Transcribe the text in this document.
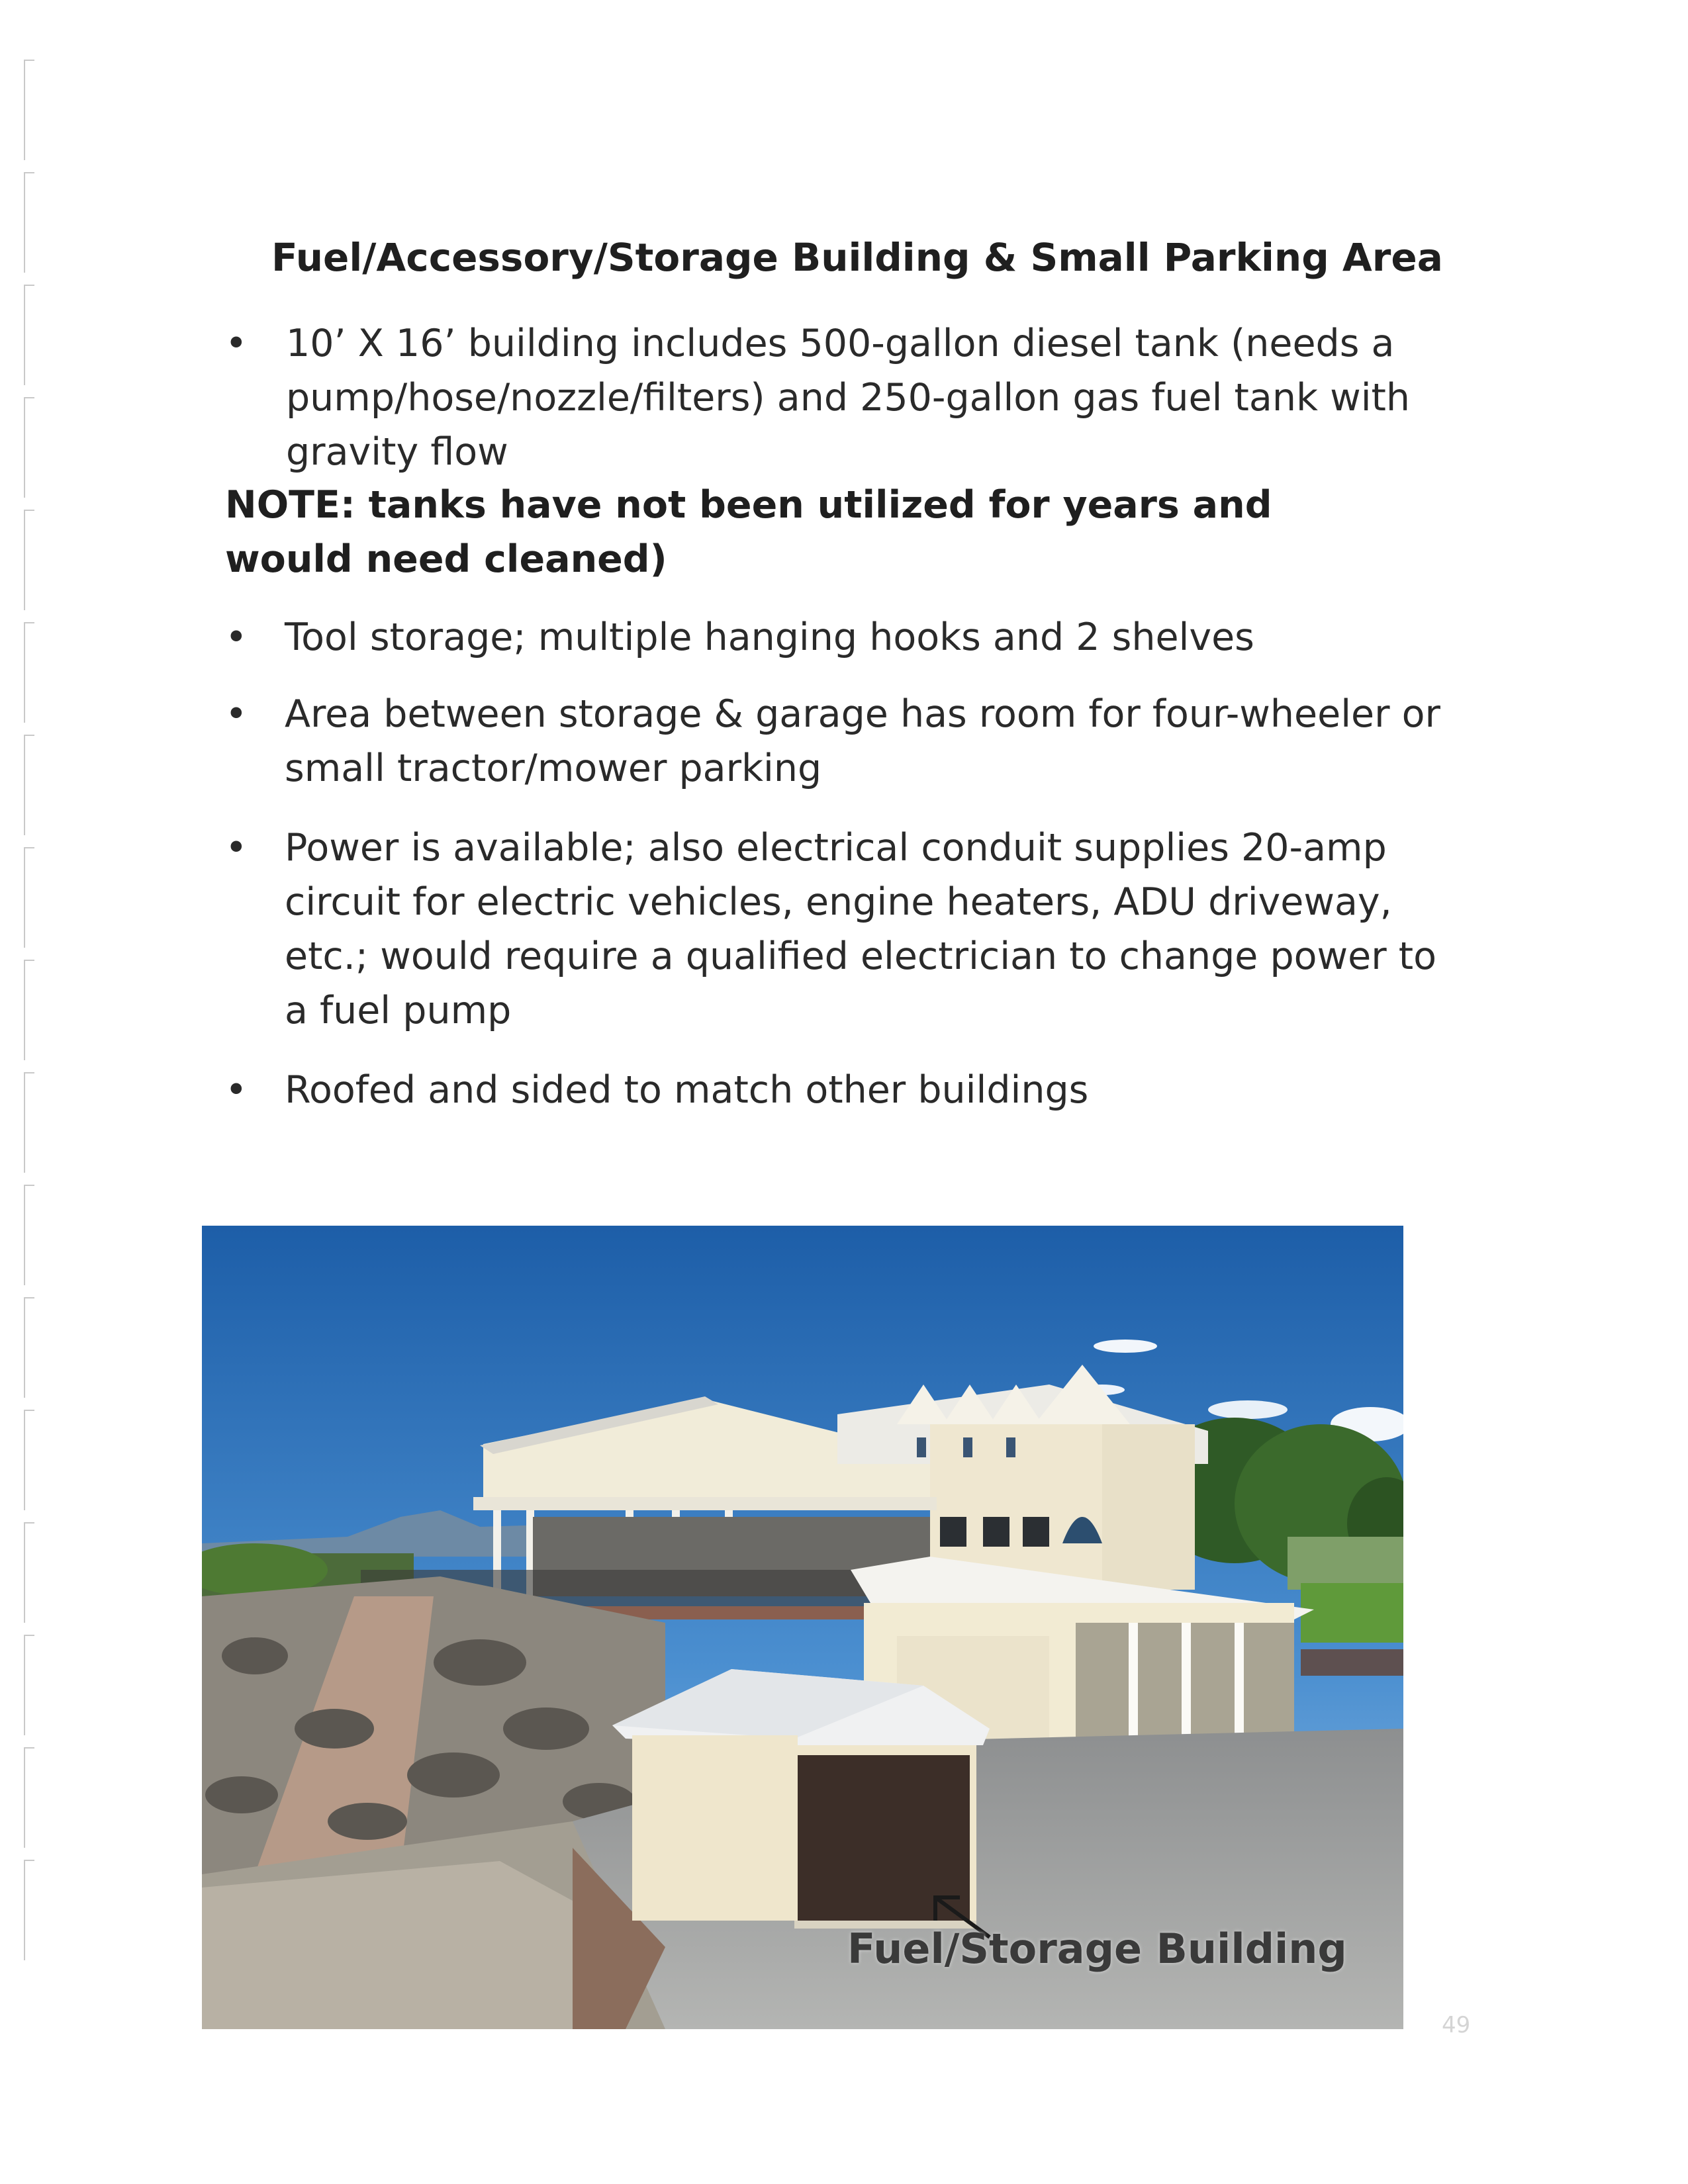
Fuel/Accessory/Storage Building & Small Parking Area
•	10’ X 16’ building includes 500-gallon diesel tank (needs a pump/hose/nozzle/filters) and 250-gallon gas fuel tank with gravity flow
NOTE: tanks have not been utilized for years and would need cleaned)
• Tool storage; multiple hanging hooks and 2 shelves
• Area between storage & garage has room for four-wheeler or small tractor/mower parking
• Power is available; also electrical conduit supplies 20-amp circuit for electric vehicles, engine heaters, ADU driveway, etc.; would require a qualified electrician to change power to a fuel pump
• Roofed and sided to match other buildings
Fuel/Storage Building
49
